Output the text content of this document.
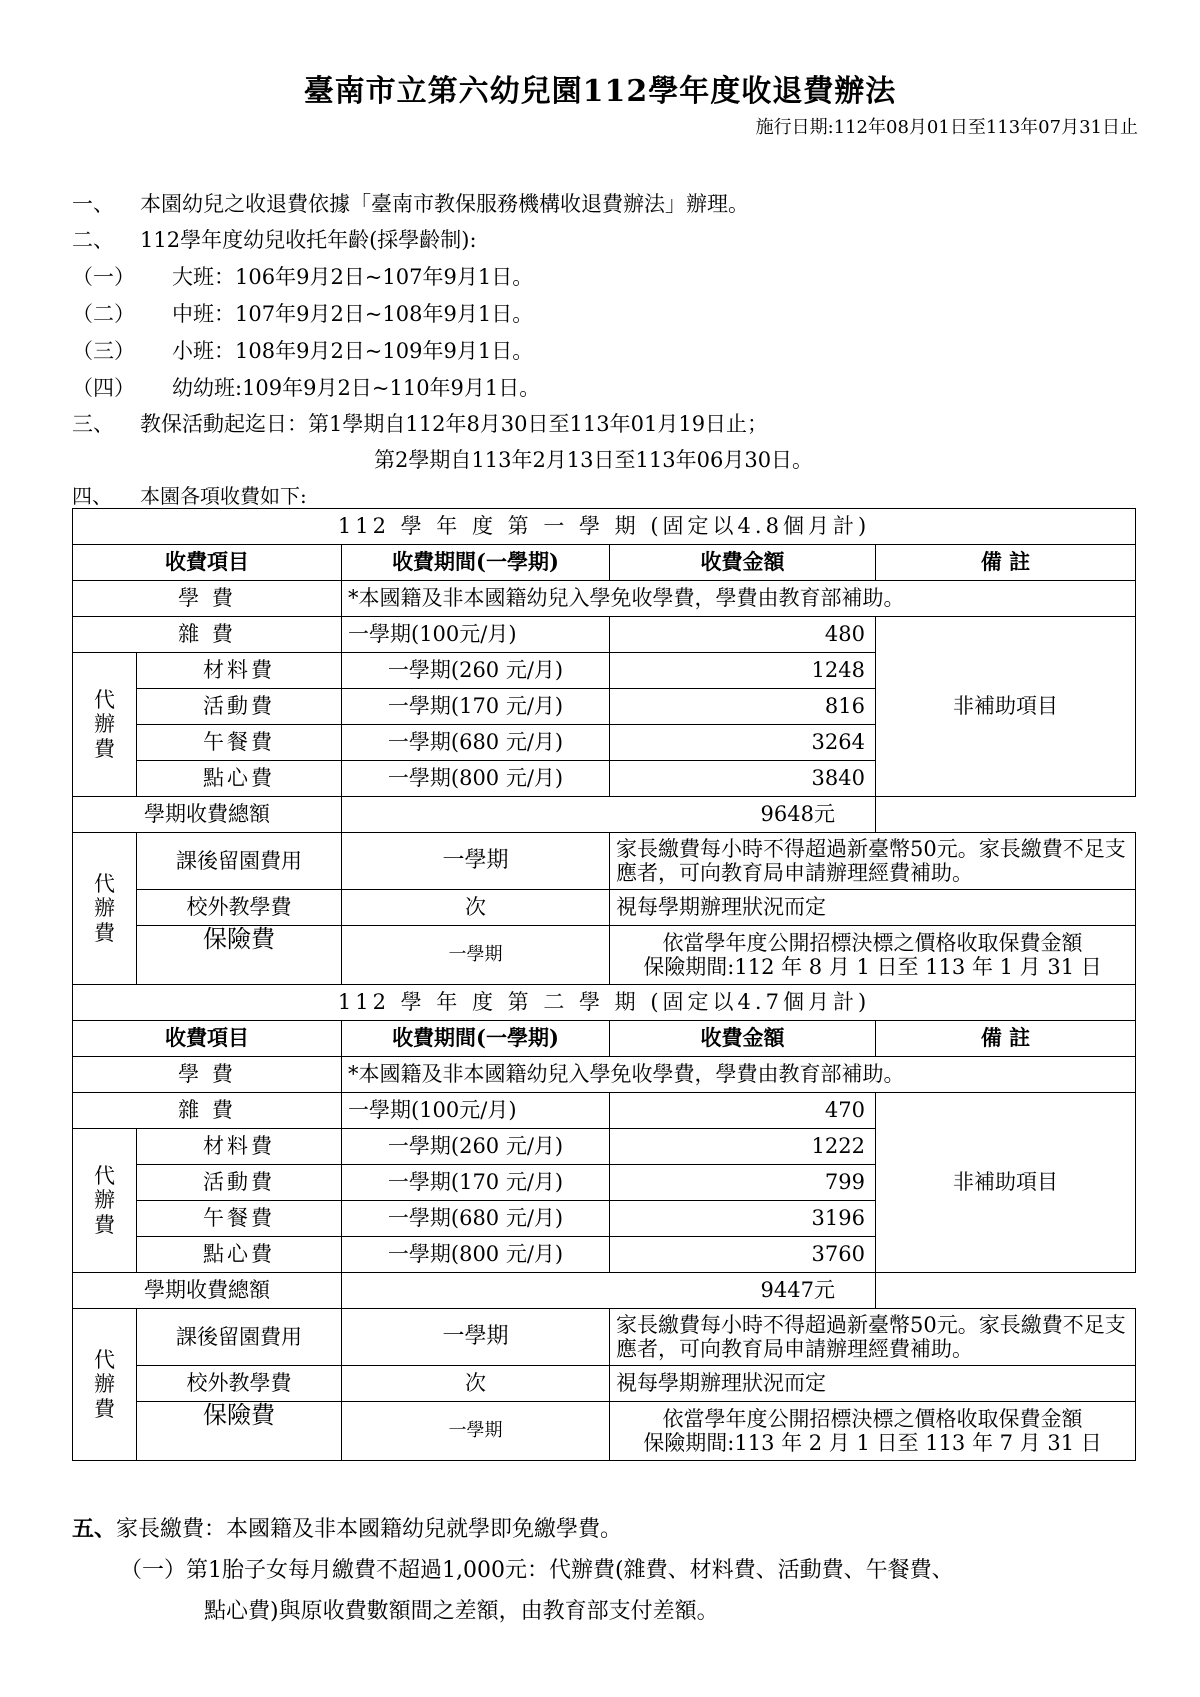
臺南市立第六幼兒園112學年度收退費辦法
施行日期:112年08月01日至113年07月31日止
一、 本園幼兒之收退費依據「臺南市教保服務機構收退費辦法」辦理。
二、 112學年度幼兒收托年齡(採學齡制):
（一） 大班：106年9月2日~107年9月1日。
（二） 中班：107年9月2日~108年9月1日。
（三） 小班：108年9月2日~109年9月1日。
（四） 幼幼班:109年9月2日~110年9月1日。
三、 教保活動起迄日：第1學期自112年8月30日至113年01月19日止；
第2學期自113年2月13日至113年06月30日。
四、 本園各項收費如下:
112 學 年 度 第 一 學 期 (固定以4.8個月計)				
收費項目		收費期間(一學期)	收費金額	備 註
學 費		*本國籍及非本國籍幼兒入學免收學費，學費由教育部補助。		
雜 費		一學期(100元/月)	480	非補助項目
代辦費	材料費	一學期(260 元/月)	1248	
	活動費	一學期(170 元/月)	816	
	午餐費	一學期(680 元/月)	3264	
	點心費	一學期(800 元/月)	3840	
學期收費總額		9648元		
代辦費	課後留園費用	一學期	家長繳費每小時不得超過新臺幣50元。家長繳費不足支應者，可向教育局申請辦理經費補助。	
	校外教學費	次	視每學期辦理狀況而定	
	保險費	一學期	依當學年度公開招標決標之價格收取保費金額
保險期間:112 年 8 月 1 日至 113 年 1 月 31 日	

112 學 年 度 第 二 學 期 (固定以4.7個月計)				
收費項目		收費期間(一學期)	收費金額	備 註
學 費		*本國籍及非本國籍幼兒入學免收學費，學費由教育部補助。		
雜 費		一學期(100元/月)	470	非補助項目
代辦費	材料費	一學期(260 元/月)	1222	
	活動費	一學期(170 元/月)	799	
	午餐費	一學期(680 元/月)	3196	
	點心費	一學期(800 元/月)	3760	
學期收費總額		9447元		
代辦費	課後留園費用	一學期	家長繳費每小時不得超過新臺幣50元。家長繳費不足支應者，可向教育局申請辦理經費補助。	
	校外教學費	次	視每學期辦理狀況而定	
	保險費	一學期	依當學年度公開招標決標之價格收取保費金額
保險期間:113 年 2 月 1 日至 113 年 7 月 31 日	
五、家長繳費：本國籍及非本國籍幼兒就學即免繳學費。
（一）第1胎子女每月繳費不超過1,000元：代辦費(雜費、材料費、活動費、午餐費、
點心費)與原收費數額間之差額，由教育部支付差額。
